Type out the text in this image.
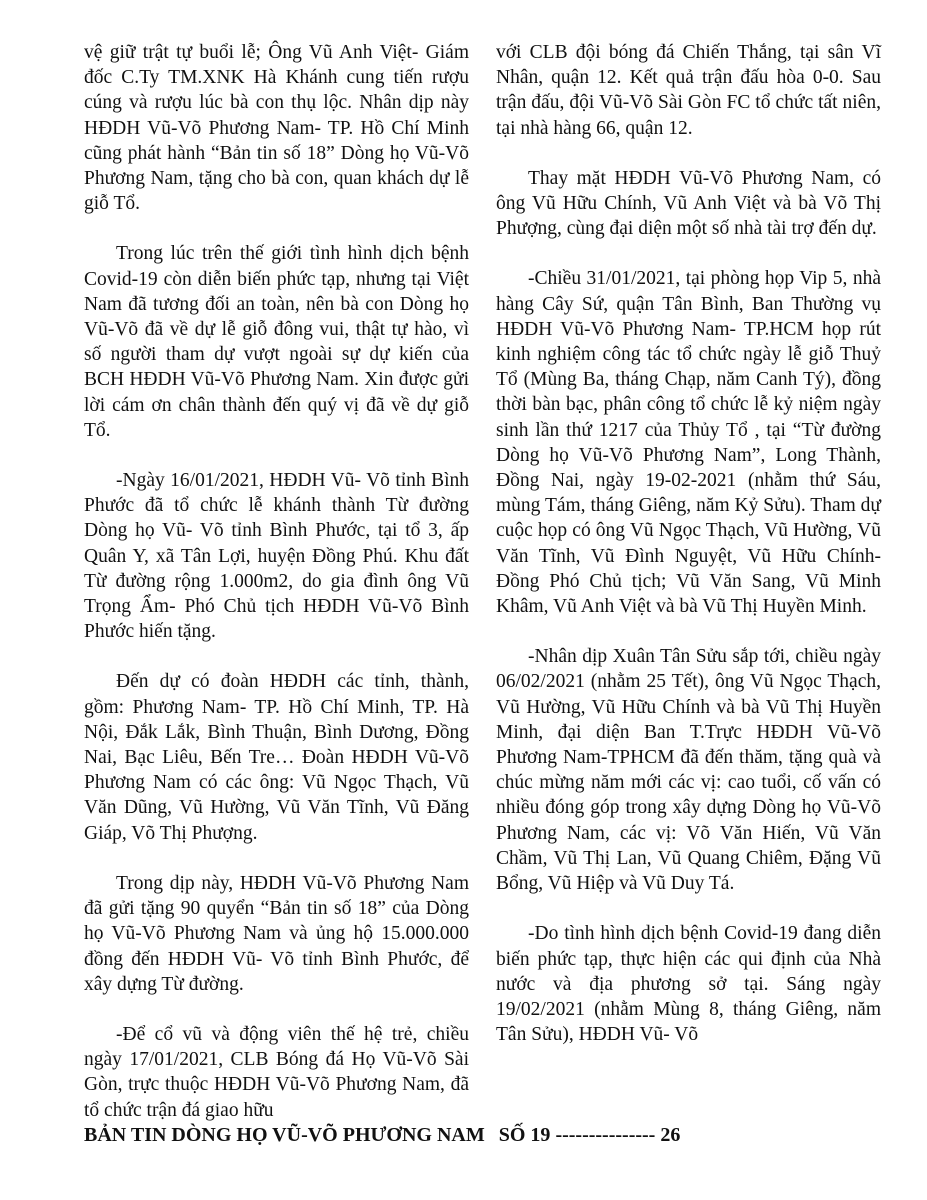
vệ giữ trật tự buổi lễ; Ông Vũ Anh Việt- Giám đốc C.Ty TM.XNK Hà Khánh cung tiến rượu cúng và rượu lúc bà con thụ lộc. Nhân dịp này HĐDH Vũ-Võ Phương Nam- TP. Hồ Chí Minh cũng phát hành “Bản tin số 18” Dòng họ Vũ-Võ Phương Nam, tặng cho bà con, quan khách dự lễ giỗ Tổ.

Trong lúc trên thế giới tình hình dịch bệnh Covid-19 còn diễn biến phức tạp, nhưng tại Việt Nam đã tương đối an toàn, nên bà con Dòng họ Vũ-Võ đã về dự lễ giỗ đông vui, thật tự hào, vì số người tham dự vượt ngoài sự dự kiến của BCH HĐDH Vũ-Võ Phương Nam. Xin được gửi lời cám ơn chân thành đến quý vị đã về dự giỗ Tổ.

-Ngày 16/01/2021, HĐDH Vũ- Võ tỉnh Bình Phước đã tổ chức lễ khánh thành Từ đường Dòng họ Vũ- Võ tỉnh Bình Phước, tại tổ 3, ấp Quân Y, xã Tân Lợi, huyện Đồng Phú. Khu đất Từ đường rộng 1.000m2, do gia đình ông Vũ Trọng Ẩm- Phó Chủ tịch HĐDH Vũ-Võ Bình Phước hiến tặng.

Đến dự có đoàn HĐDH các tỉnh, thành, gồm: Phương Nam- TP. Hồ Chí Minh, TP. Hà Nội, Đắk Lắk, Bình Thuận, Bình Dương, Đồng Nai, Bạc Liêu, Bến Tre… Đoàn HĐDH Vũ-Võ Phương Nam có các ông: Vũ Ngọc Thạch, Vũ Văn Dũng, Vũ Hường, Vũ Văn Tĩnh, Vũ Đăng Giáp, Võ Thị Phượng.

Trong dịp này, HĐDH Vũ-Võ Phương Nam đã gửi tặng 90 quyển “Bản tin số 18” của Dòng họ Vũ-Võ Phương Nam và ủng hộ 15.000.000 đồng đến HĐDH Vũ- Võ tỉnh Bình Phước, để xây dựng Từ đường.

-Để cổ vũ và động viên thế hệ trẻ, chiều ngày 17/01/2021, CLB Bóng đá Họ Vũ-Võ Sài Gòn, trực thuộc HĐDH Vũ-Võ Phương Nam, đã tổ chức trận đá giao hữu

với CLB đội bóng đá Chiến Thắng, tại sân Vĩ Nhân, quận 12. Kết quả trận đấu hòa 0-0. Sau trận đấu, đội Vũ-Võ Sài Gòn FC tổ chức tất niên, tại nhà hàng 66, quận 12.

Thay mặt HĐDH Vũ-Võ Phương Nam, có ông Vũ Hữu Chính, Vũ Anh Việt và bà Võ Thị Phượng, cùng đại diện một số nhà tài trợ đến dự.

-Chiều 31/01/2021, tại phòng họp Vip 5, nhà hàng Cây Sứ, quận Tân Bình, Ban Thường vụ HĐDH Vũ-Võ Phương Nam- TP.HCM họp rút kinh nghiệm công tác tổ chức ngày lễ giỗ Thuỷ Tổ (Mùng Ba, tháng Chạp, năm Canh Tý), đồng thời bàn bạc, phân công tổ chức lễ kỷ niệm ngày sinh lần thứ 1217 của Thủy Tổ , tại “Từ đường Dòng họ Vũ-Võ Phương Nam”, Long Thành, Đồng Nai, ngày 19-02-2021 (nhằm thứ Sáu, mùng Tám, tháng Giêng, năm Kỷ Sửu). Tham dự cuộc họp có ông Vũ Ngọc Thạch, Vũ Hường, Vũ Văn Tĩnh, Vũ Đình Nguyệt, Vũ Hữu Chính- Đồng Phó Chủ tịch; Vũ Văn Sang, Vũ Minh Khâm, Vũ Anh Việt và bà Vũ Thị Huyền Minh.

-Nhân dịp Xuân Tân Sửu sắp tới, chiều ngày 06/02/2021 (nhằm 25 Tết), ông Vũ Ngọc Thạch, Vũ Hường, Vũ Hữu Chính và bà Vũ Thị Huyền Minh, đại diện Ban T.Trực HĐDH Vũ-Võ Phương Nam-TPHCM đã đến thăm, tặng quà và chúc mừng năm mới các vị: cao tuổi, cố vấn có nhiều đóng góp trong xây dựng Dòng họ Vũ-Võ Phương Nam, các vị: Võ Văn Hiến, Vũ Văn Chầm, Vũ Thị Lan, Vũ Quang Chiêm, Đặng Vũ Bổng, Vũ Hiệp và Vũ Duy Tá.

-Do tình hình dịch bệnh Covid-19 đang diễn biến phức tạp, thực hiện các qui định của Nhà nước và địa phương sở tại. Sáng ngày 19/02/2021 (nhằm Mùng 8, tháng Giêng, năm Tân Sửu), HĐDH Vũ- Võ

BẢN TIN DÒNG HỌ VŨ-VÕ PHƯƠNG NAM SỐ 19 --------------- 26
